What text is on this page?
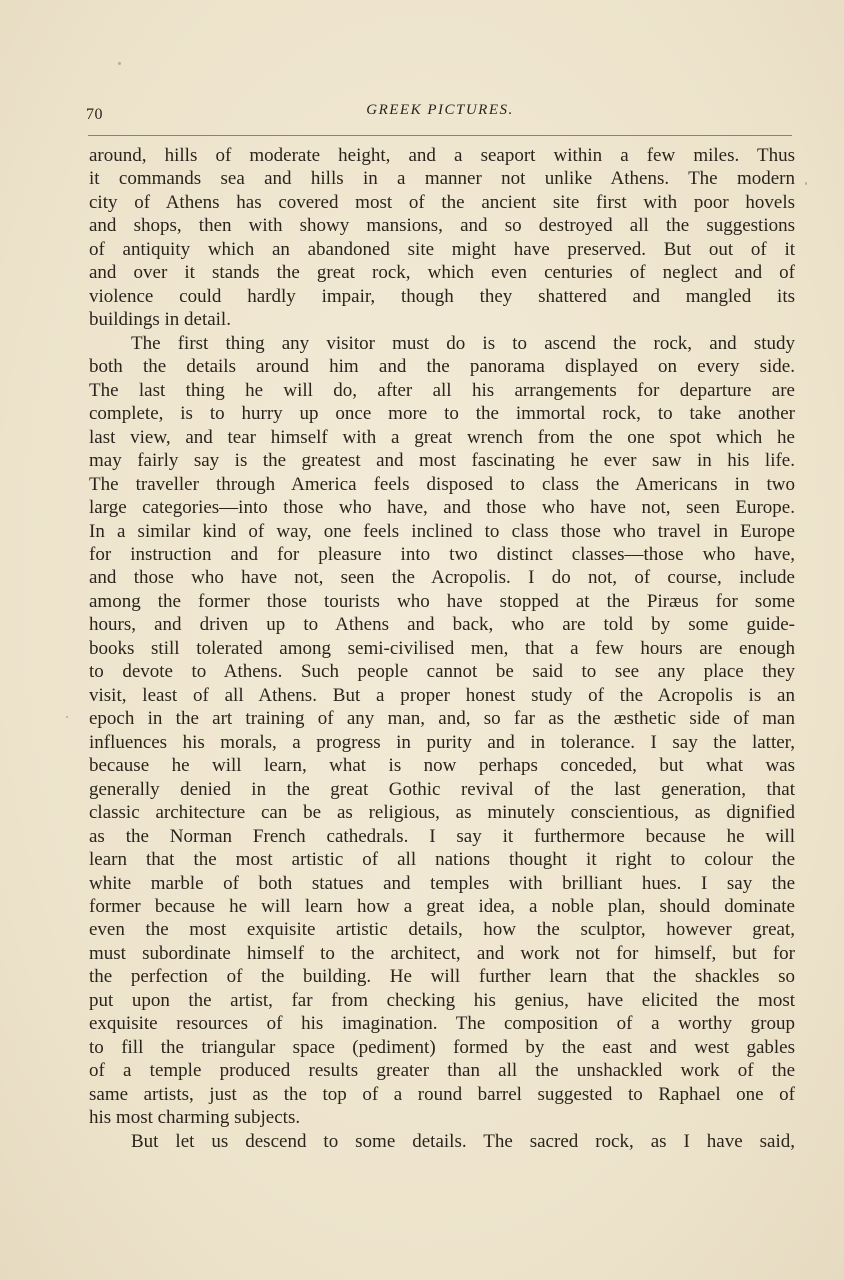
70	GREEK PICTURES.
around, hills of moderate height, and a seaport within a few miles. Thus
it commands sea and hills in a manner not unlike Athens. The modern
city of Athens has covered most of the ancient site first with poor hovels
and shops, then with showy mansions, and so destroyed all the suggestions
of antiquity which an abandoned site might have preserved. But out of it
and over it stands the great rock, which even centuries of neglect and of
violence could hardly impair, though they shattered and mangled its
buildings in detail.
The first thing any visitor must do is to ascend the rock, and study
both the details around him and the panorama displayed on every side.
The last thing he will do, after all his arrangements for departure are
complete, is to hurry up once more to the immortal rock, to take another
last view, and tear himself with a great wrench from the one spot which he
may fairly say is the greatest and most fascinating he ever saw in his life.
The traveller through America feels disposed to class the Americans in two
large categories—into those who have, and those who have not, seen Europe.
In a similar kind of way, one feels inclined to class those who travel in Europe
for instruction and for pleasure into two distinct classes—those who have,
and those who have not, seen the Acropolis. I do not, of course, include
among the former those tourists who have stopped at the Piræus for some
hours, and driven up to Athens and back, who are told by some guide-
books still tolerated among semi-civilised men, that a few hours are enough
to devote to Athens. Such people cannot be said to see any place they
visit, least of all Athens. But a proper honest study of the Acropolis is an
epoch in the art training of any man, and, so far as the æsthetic side of man
influences his morals, a progress in purity and in tolerance. I say the latter,
because he will learn, what is now perhaps conceded, but what was
generally denied in the great Gothic revival of the last generation, that
classic architecture can be as religious, as minutely conscientious, as dignified
as the Norman French cathedrals. I say it furthermore because he will
learn that the most artistic of all nations thought it right to colour the
white marble of both statues and temples with brilliant hues. I say the
former because he will learn how a great idea, a noble plan, should dominate
even the most exquisite artistic details, how the sculptor, however great,
must subordinate himself to the architect, and work not for himself, but for
the perfection of the building. He will further learn that the shackles so
put upon the artist, far from checking his genius, have elicited the most
exquisite resources of his imagination. The composition of a worthy group
to fill the triangular space (pediment) formed by the east and west gables
of a temple produced results greater than all the unshackled work of the
same artists, just as the top of a round barrel suggested to Raphael one of
his most charming subjects.
But let us descend to some details. The sacred rock, as I have said,
